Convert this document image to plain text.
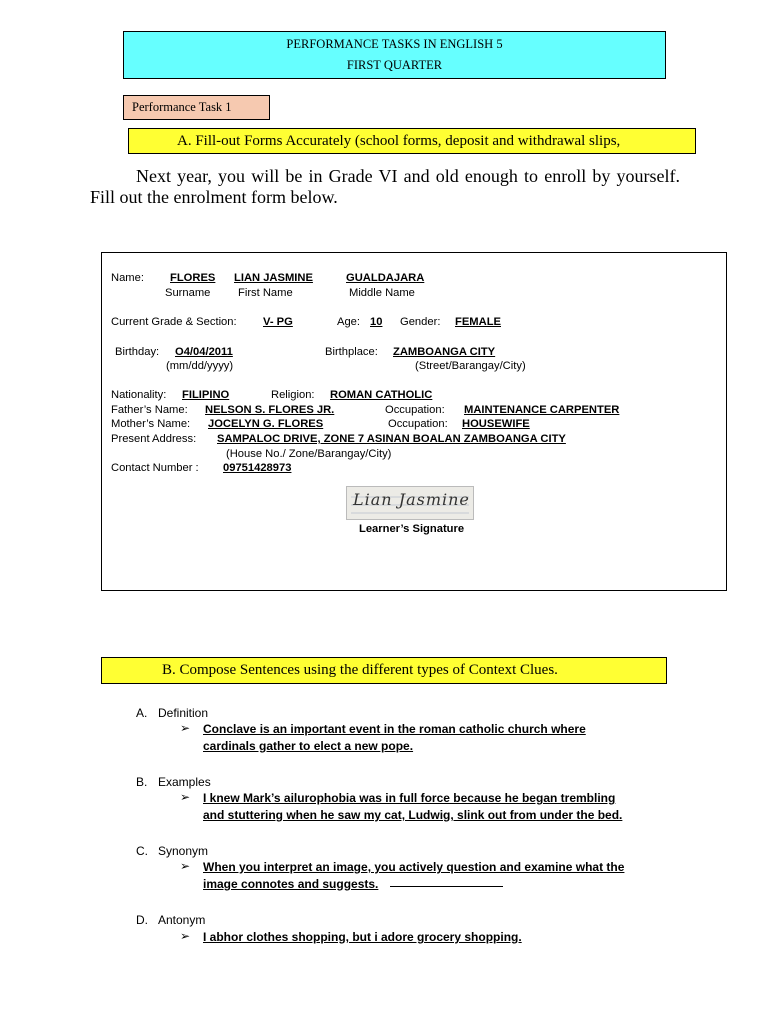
PERFORMANCE TASKS IN ENGLISH 5
FIRST QUARTER
Performance Task 1
A. Fill-out Forms Accurately (school forms, deposit and withdrawal slips,
Next year, you will be in Grade VI and old enough to enroll by yourself. Fill out the enrolment form below.
Name: FLORES LIAN JASMINE	GUALDAJARA
Surname First Name	Middle Name
Current Grade & Section: V- PG	Age: 10 Gender: FEMALE
Birthday: O4/04/2011
(mm/dd/yyyy)
Birthplace: ZAMBOANGA CITY
(Street/Barangay/City)
Nationality: FILIPINO	Religion: ROMAN CATHOLIC
Father’s Name: NELSON S. FLORES JR.	Occupation: MAINTENANCE CARPENTER
Mother’s Name: JOCELYN G. FLORES	Occupation: HOUSEWIFE
Present Address: SAMPALOC DRIVE, ZONE 7 ASINAN BOALAN ZAMBOANGA CITY
(House No./ Zone/Barangay/City)
Contact Number : 09751428973
Lian Jasmine
Learner’s Signature
B. Compose Sentences using the different types of Context Clues.
A. Definition
➢ Conclave is an important event in the roman catholic church where
cardinals gather to elect a new pope.
B. Examples
➢ I knew Mark’s ailurophobia was in full force because he began trembling
and stuttering when he saw my cat, Ludwig, slink out from under the bed.
C. Synonym
➢ When you interpret an image, you actively question and examine what the
image connotes and suggests.
D. Antonym
➢ I abhor clothes shopping, but i adore grocery shopping.
